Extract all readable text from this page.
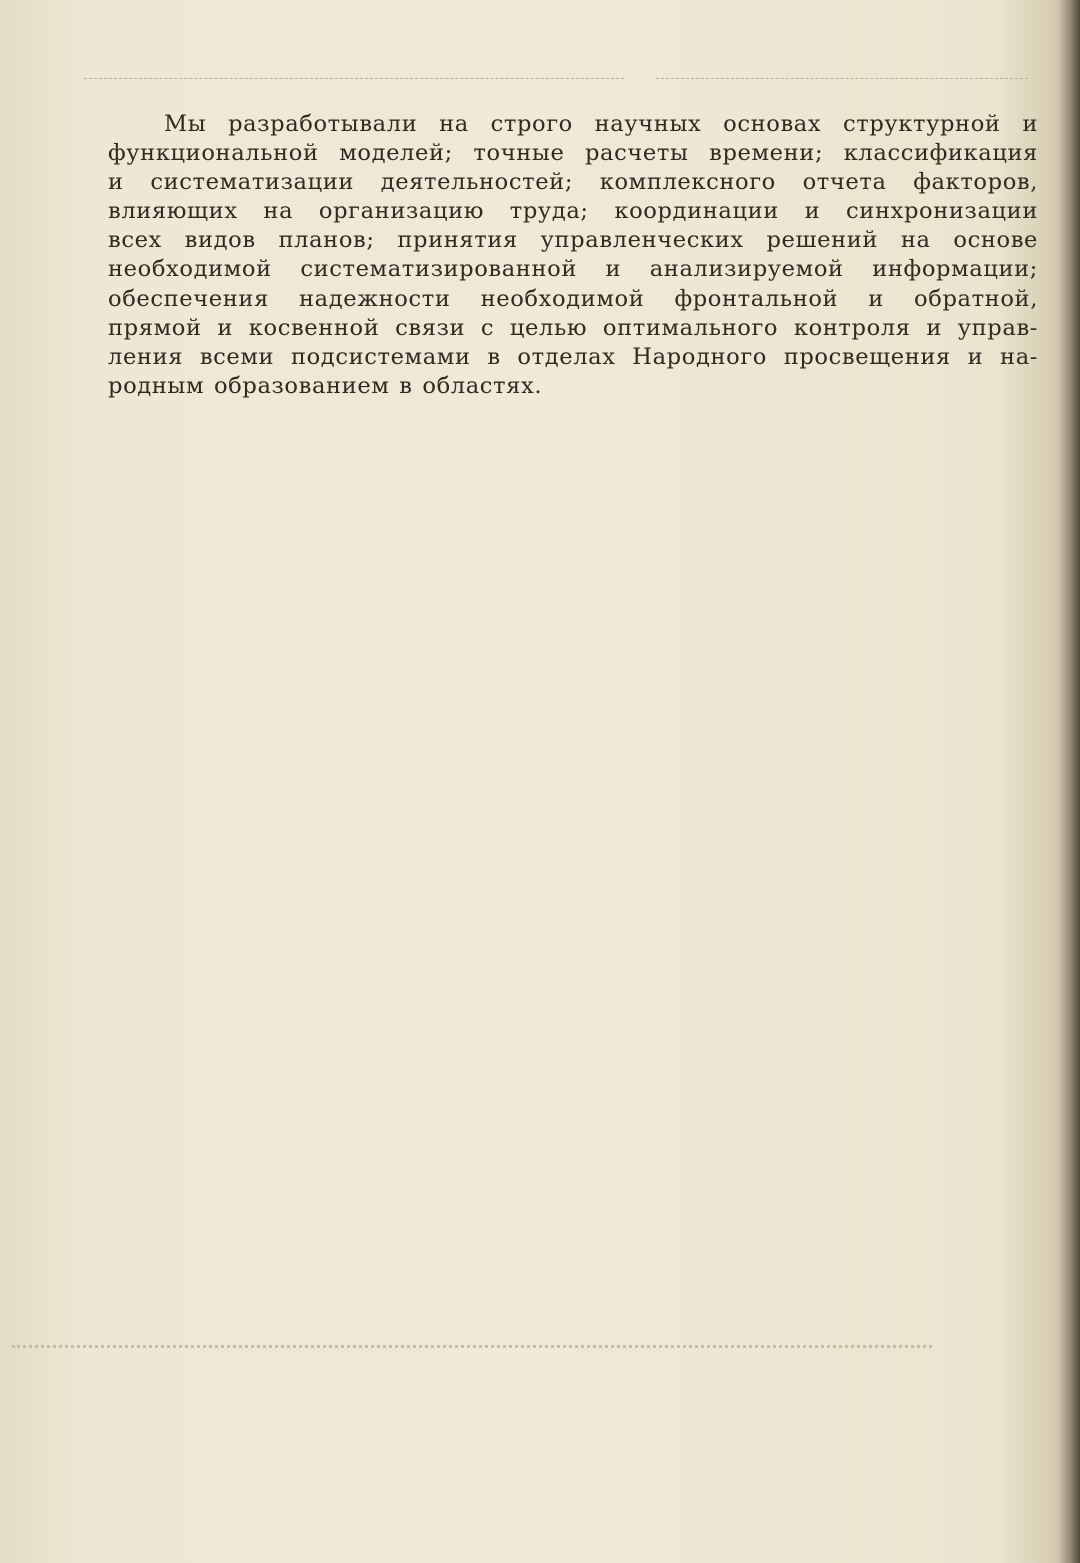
Мы разработывали на строго научных основах структурной и
функциональной моделей; точные расчеты времени; классификация
и систематизации деятельностей; комплексного отчета факторов,
влияющих на организацию труда; координации и синхронизации
всех видов планов; принятия управленческих решений на основе
необходимой систематизированной и анализируемой информации;
обеспечения надежности необходимой фронтальной и обратной,
прямой и косвенной связи с целью оптимального контроля и управ-
ления всеми подсистемами в отделах Народного просвещения и на-
родным образованием в областях.
